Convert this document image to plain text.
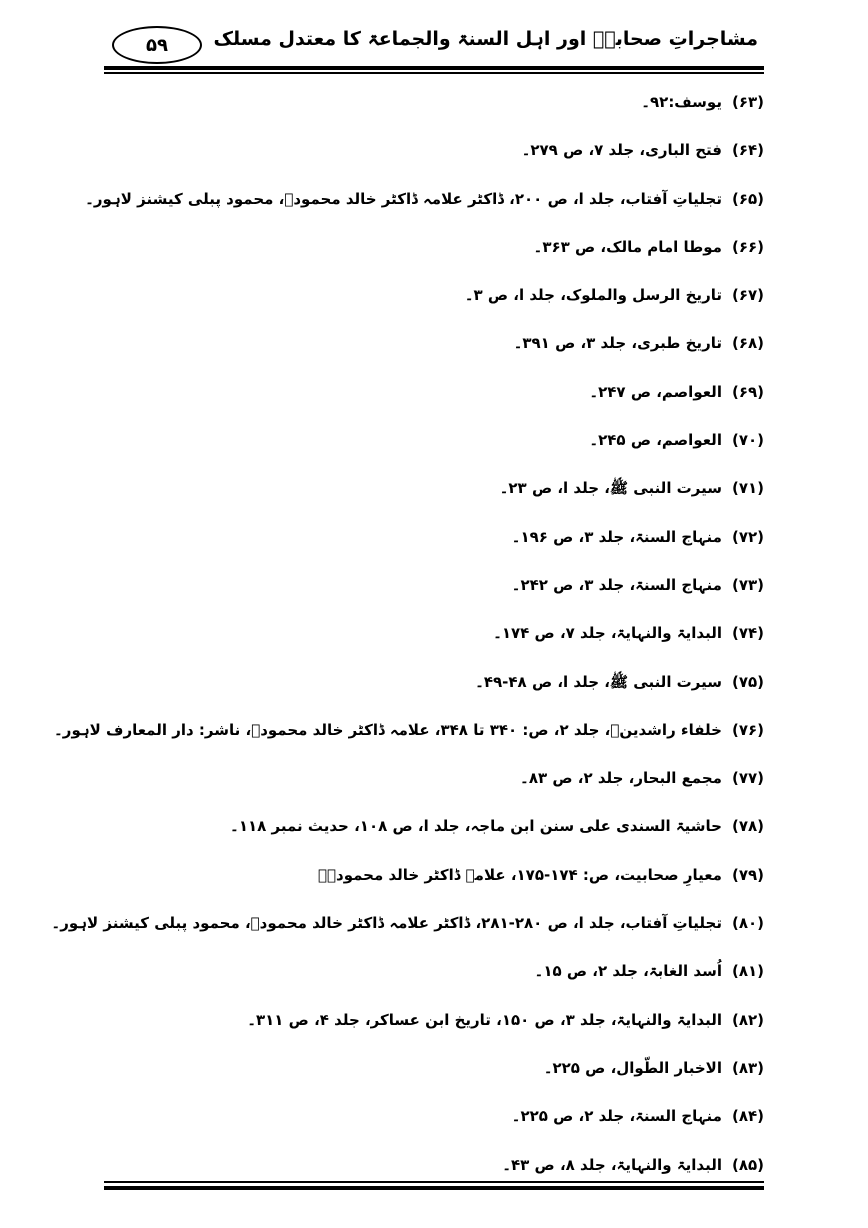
۵۹ مشاجراتِ صحابہؓ اور اہل السنۃ والجماعۃ کا معتدل مسلک
(۶۳)یوسف:۹۲۔
(۶۴)فتح الباری، جلد ۷، ص ۲۷۹۔
(۶۵)تجلیاتِ آفتاب، جلد ا، ص ۲۰۰، ڈاکٹر علامہ ڈاکٹر خالد محمودؒ، محمود پبلی کیشنز لاہور۔
(۶۶)موطا امام مالک، ص ۳۶۳۔
(۶۷)تاریخ الرسل والملوک، جلد ا، ص ۳۔
(۶۸)تاریخ طبری، جلد ۳، ص ۳۹۱۔
(۶۹)العواصم، ص ۲۴۷۔
(۷۰)العواصم، ص ۲۴۵۔
(۷۱)سیرت النبی ﷺ، جلد ا، ص ۲۳۔
(۷۲)منہاج السنۃ، جلد ۳، ص ۱۹۶۔
(۷۳)منہاج السنۃ، جلد ۳، ص ۲۴۲۔
(۷۴)البدایۃ والنہایۃ، جلد ۷، ص ۱۷۴۔
(۷۵)سیرت النبی ﷺ، جلد ا، ص ۴۸-۴۹۔
(۷۶)خلفاء راشدینؓ، جلد ۲، ص: ۳۴۰ تا ۳۴۸، علامہ ڈاکٹر خالد محمودؒ، ناشر: دار المعارف لاہور۔
(۷۷)مجمع البحار، جلد ۲، ص ۸۳۔
(۷۸)حاشیۃ السندی علی سنن ابن ماجہ، جلد ا، ص ۱۰۸، حدیث نمبر ۱۱۸۔
(۷۹)معیارِ صحابیت، ص: ۱۷۴-۱۷۵، علامہ ڈاکٹر خالد محمودؒ۔
(۸۰)تجلیاتِ آفتاب، جلد ا، ص ۲۸۰-۲۸۱، ڈاکٹر علامہ ڈاکٹر خالد محمودؒ، محمود پبلی کیشنز لاہور۔
(۸۱)اُسد الغابۃ، جلد ۲، ص ۱۵۔
(۸۲)البدایۃ والنہایۃ، جلد ۳، ص ۱۵۰، تاریخ ابن عساکر، جلد ۴، ص ۳۱۱۔
(۸۳)الاخبار الطّوال، ص ۲۲۵۔
(۸۴)منہاج السنۃ، جلد ۲، ص ۲۲۵۔
(۸۵)البدایۃ والنہایۃ، جلد ۸، ص ۴۳۔
